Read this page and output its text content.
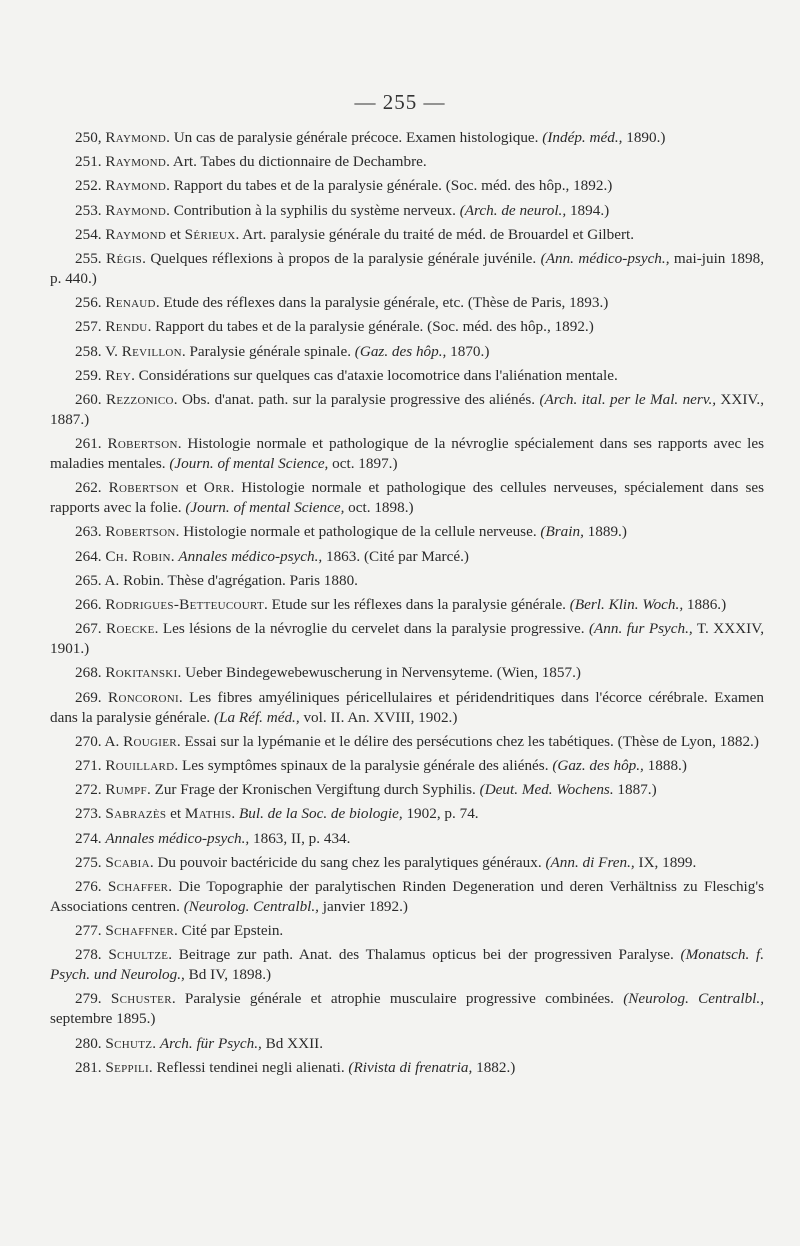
— 255 —

250, Raymond. Un cas de paralysie générale précoce. Examen histologique. (Indép. méd., 1890.)

251. Raymond. Art. Tabes du dictionnaire de Dechambre.

252. Raymond. Rapport du tabes et de la paralysie générale. (Soc. méd. des hôp., 1892.)

253. Raymond. Contribution à la syphilis du système nerveux. (Arch. de neurol., 1894.)

254. Raymond et Sérieux. Art. paralysie générale du traité de méd. de Brouardel et Gilbert.

255. Régis. Quelques réflexions à propos de la paralysie générale juvénile. (Ann. médico-psych., mai-juin 1898, p. 440.)

256. Renaud. Etude des réflexes dans la paralysie générale, etc. (Thèse de Paris, 1893.)

257. Rendu. Rapport du tabes et de la paralysie générale. (Soc. méd. des hôp., 1892.)

258. V. Revillon. Paralysie générale spinale. (Gaz. des hôp., 1870.)

259. Rey. Considérations sur quelques cas d'ataxie locomotrice dans l'aliénation mentale.

260. Rezzonico. Obs. d'anat. path. sur la paralysie progressive des aliénés. (Arch. ital. per le Mal. nerv., XXIV., 1887.)

261. Robertson. Histologie normale et pathologique de la névroglie spécialement dans ses rapports avec les maladies mentales. (Journ. of mental Science, oct. 1897.)

262. Robertson et Orr. Histologie normale et pathologique des cellules nerveuses, spécialement dans ses rapports avec la folie. (Journ. of mental Science, oct. 1898.)

263. Robertson. Histologie normale et pathologique de la cellule nerveuse. (Brain, 1889.)

264. Ch. Robin. Annales médico-psych., 1863. (Cité par Marcé.)

265. A. Robin. Thèse d'agrégation. Paris 1880.

266. Rodrigues-Betteucourt. Etude sur les réflexes dans la paralysie générale. (Berl. Klin. Woch., 1886.)

267. Roecke. Les lésions de la névroglie du cervelet dans la paralysie progressive. (Ann. fur Psych., T. XXXIV, 1901.)

268. Rokitanski. Ueber Bindegewebewuscherung in Nervensyteme. (Wien, 1857.)

269. Roncoroni. Les fibres amyéliniques péricellulaires et péridendritiques dans l'écorce cérébrale. Examen dans la paralysie générale. (La Réf. méd., vol. II. An. XVIII, 1902.)

270. A. Rougier. Essai sur la lypémanie et le délire des persécutions chez les tabétiques. (Thèse de Lyon, 1882.)

271. Rouillard. Les symptômes spinaux de la paralysie générale des aliénés. (Gaz. des hôp., 1888.)

272. Rumpf. Zur Frage der Kronischen Vergiftung durch Syphilis. (Deut. Med. Wochens. 1887.)

273. Sabrazès et Mathis. Bul. de la Soc. de biologie, 1902, p. 74.

274. Annales médico-psych., 1863, II, p. 434.

275. Scabia. Du pouvoir bactéricide du sang chez les paralytiques généraux. (Ann. di Fren., IX, 1899.

276. Schaffer. Die Topographie der paralytischen Rinden Degeneration und deren Verhältniss zu Fleschig's Associations centren. (Neurolog. Centralbl., janvier 1892.)

277. Schaffner. Cité par Epstein.

278. Schultze. Beitrage zur path. Anat. des Thalamus opticus bei der progressiven Paralyse. (Monatsch. f. Psych. und Neurolog., Bd IV, 1898.)

279. Schuster. Paralysie générale et atrophie musculaire progressive combinées. (Neurolog. Centralbl., septembre 1895.)

280. Schutz. Arch. für Psych., Bd XXII.

281. Seppili. Reflessi tendinei negli alienati. (Rivista di frenatria, 1882.)
